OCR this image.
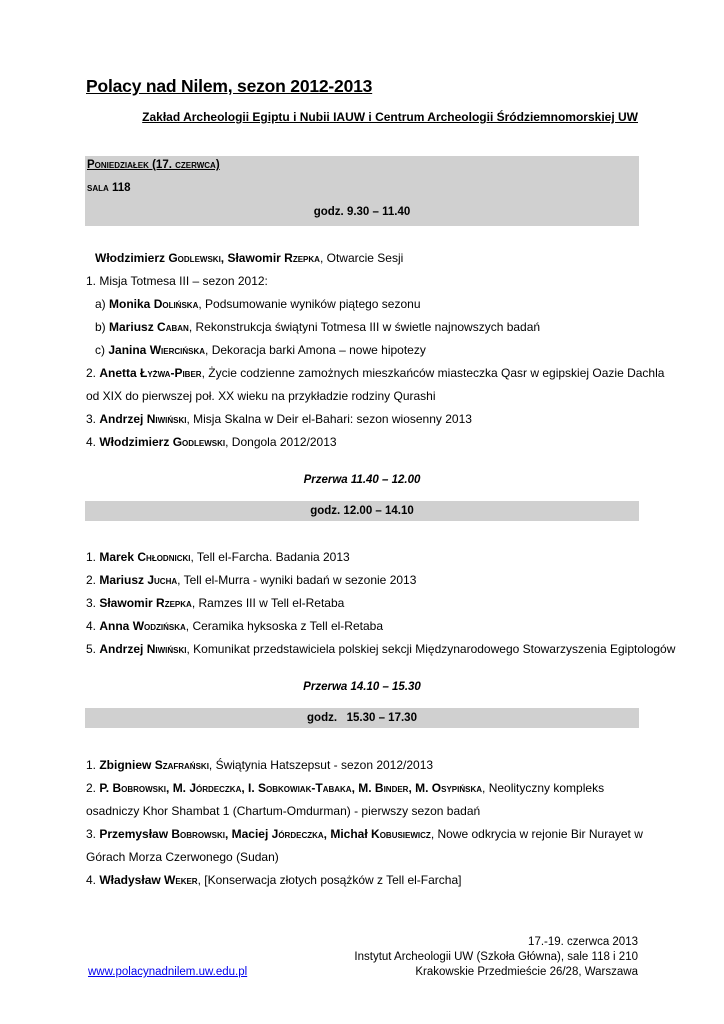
Polacy nad Nilem, sezon 2012-2013
Zakład Archeologii Egiptu i Nubii IAUW i Centrum Archeologii Śródziemnomorskiej UW
Poniedziałek (17. czerwca)
sala 118
godz. 9.30 – 11.40
Włodzimierz Godlewski, Sławomir Rzepka, Otwarcie Sesji
1. Misja Totmesa III – sezon 2012:
a) Monika Dolińska, Podsumowanie wyników piątego sezonu
b) Mariusz Caban, Rekonstrukcja świątyni Totmesa III w świetle najnowszych badań
c) Janina Wiercińska, Dekoracja barki Amona – nowe hipotezy
2. Anetta Łyżwa-Piber, Życie codzienne zamożnych mieszkańców miasteczka Qasr w egipskiej Oazie Dachla
od XIX do pierwszej poł. XX wieku na przykładzie rodziny Qurashi
3. Andrzej Niwiński, Misja Skalna w Deir el-Bahari: sezon wiosenny 2013
4. Włodzimierz Godlewski, Dongola 2012/2013
Przerwa 11.40 – 12.00
godz. 12.00 – 14.10
1. Marek Chłodnicki, Tell el-Farcha. Badania 2013
2. Mariusz Jucha, Tell el-Murra - wyniki badań w sezonie 2013
3. Sławomir Rzepka, Ramzes III w Tell el-Retaba
4. Anna Wodzińska, Ceramika hyksoska z Tell el-Retaba
5. Andrzej Niwiński, Komunikat przedstawiciela polskiej sekcji Międzynarodowego Stowarzyszenia Egiptologów
Przerwa 14.10 – 15.30
godz.   15.30 – 17.30
1. Zbigniew Szafrański, Świątynia Hatszepsut - sezon 2012/2013
2. P. Bobrowski, M. Jórdeczka, I. Sobkowiak-Tabaka, M. Binder, M. Osypińska, Neolityczny kompleks
osadniczy Khor Shambat 1 (Chartum-Omdurman) - pierwszy sezon badań
3. Przemysław Bobrowski, Maciej Jórdeczka, Michał Kobusiewicz, Nowe odkrycia w rejonie Bir Nurayet w
Górach Morza Czerwonego (Sudan)
4. Władysław Weker, [Konserwacja złotych posążków z Tell el-Farcha]
17.-19. czerwca 2013
Instytut Archeologii UW (Szkoła Główna), sale 118 i 210
Krakowskie Przedmieście 26/28, Warszawa
www.polacynadnilem.uw.edu.pl
